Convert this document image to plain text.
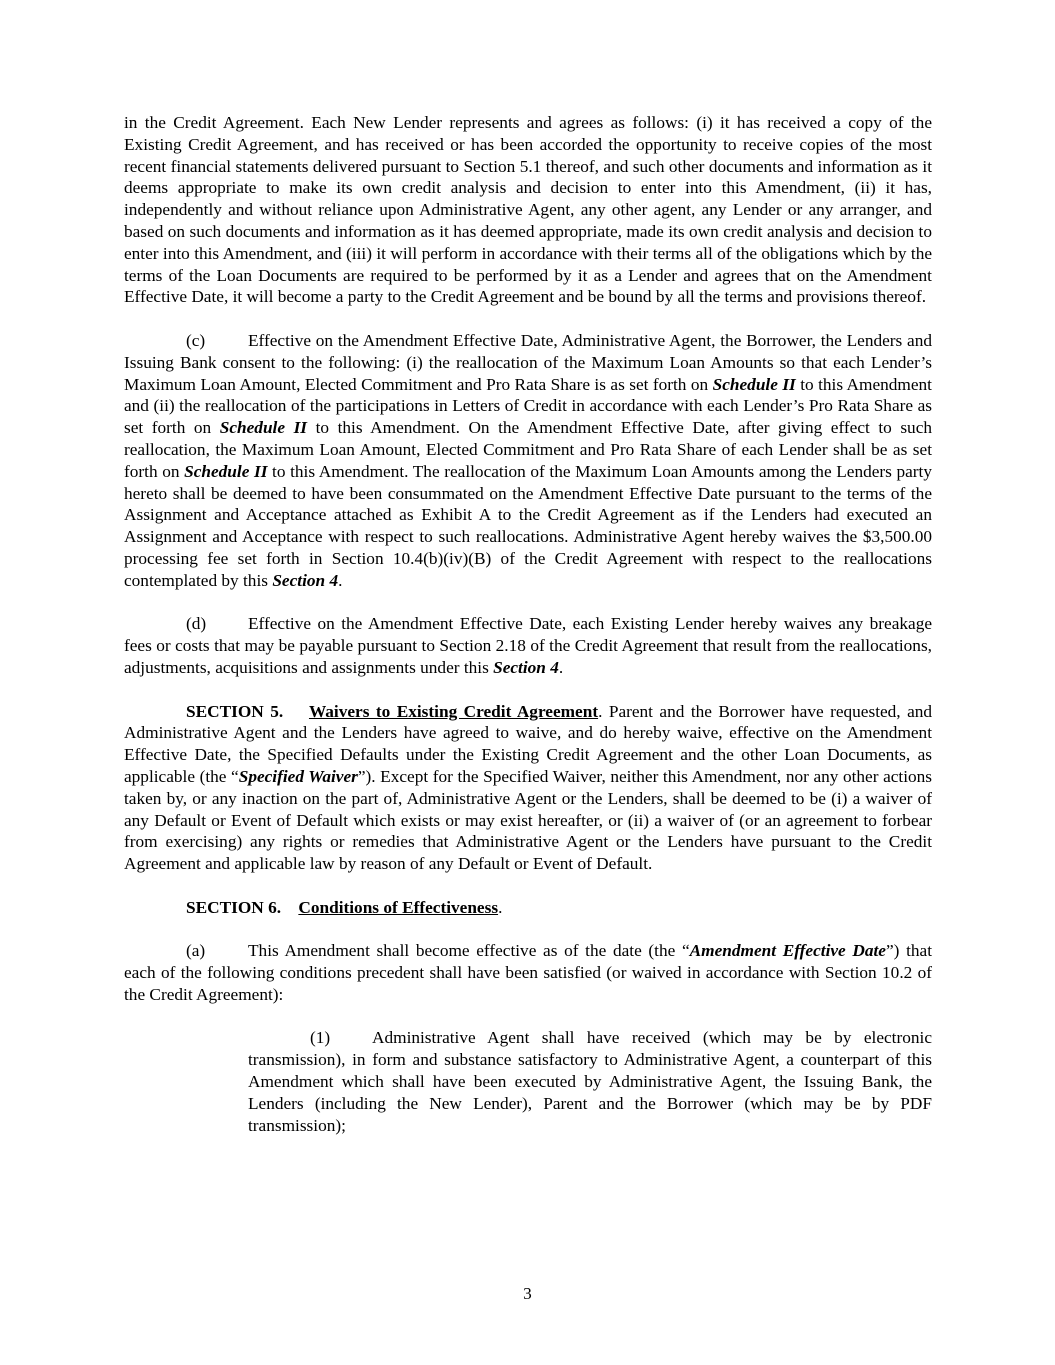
in the Credit Agreement. Each New Lender represents and agrees as follows: (i) it has received a copy of the Existing Credit Agreement, and has received or has been accorded the opportunity to receive copies of the most recent financial statements delivered pursuant to Section 5.1 thereof, and such other documents and information as it deems appropriate to make its own credit analysis and decision to enter into this Amendment, (ii) it has, independently and without reliance upon Administrative Agent, any other agent, any Lender or any arranger, and based on such documents and information as it has deemed appropriate, made its own credit analysis and decision to enter into this Amendment, and (iii) it will perform in accordance with their terms all of the obligations which by the terms of the Loan Documents are required to be performed by it as a Lender and agrees that on the Amendment Effective Date, it will become a party to the Credit Agreement and be bound by all the terms and provisions thereof.

(c) Effective on the Amendment Effective Date, Administrative Agent, the Borrower, the Lenders and Issuing Bank consent to the following: (i) the reallocation of the Maximum Loan Amounts so that each Lender’s Maximum Loan Amount, Elected Commitment and Pro Rata Share is as set forth on Schedule II to this Amendment and (ii) the reallocation of the participations in Letters of Credit in accordance with each Lender’s Pro Rata Share as set forth on Schedule II to this Amendment. On the Amendment Effective Date, after giving effect to such reallocation, the Maximum Loan Amount, Elected Commitment and Pro Rata Share of each Lender shall be as set forth on Schedule II to this Amendment. The reallocation of the Maximum Loan Amounts among the Lenders party hereto shall be deemed to have been consummated on the Amendment Effective Date pursuant to the terms of the Assignment and Acceptance attached as Exhibit A to the Credit Agreement as if the Lenders had executed an Assignment and Acceptance with respect to such reallocations. Administrative Agent hereby waives the $3,500.00 processing fee set forth in Section 10.4(b)(iv)(B) of the Credit Agreement with respect to the reallocations contemplated by this Section 4.

(d) Effective on the Amendment Effective Date, each Existing Lender hereby waives any breakage fees or costs that may be payable pursuant to Section 2.18 of the Credit Agreement that result from the reallocations, adjustments, acquisitions and assignments under this Section 4.

SECTION 5. Waivers to Existing Credit Agreement. Parent and the Borrower have requested, and Administrative Agent and the Lenders have agreed to waive, and do hereby waive, effective on the Amendment Effective Date, the Specified Defaults under the Existing Credit Agreement and the other Loan Documents, as applicable (the “Specified Waiver”). Except for the Specified Waiver, neither this Amendment, nor any other actions taken by, or any inaction on the part of, Administrative Agent or the Lenders, shall be deemed to be (i) a waiver of any Default or Event of Default which exists or may exist hereafter, or (ii) a waiver of (or an agreement to forbear from exercising) any rights or remedies that Administrative Agent or the Lenders have pursuant to the Credit Agreement and applicable law by reason of any Default or Event of Default.

SECTION 6. Conditions of Effectiveness.

(a) This Amendment shall become effective as of the date (the “Amendment Effective Date”) that each of the following conditions precedent shall have been satisfied (or waived in accordance with Section 10.2 of the Credit Agreement):

(1) Administrative Agent shall have received (which may be by electronic transmission), in form and substance satisfactory to Administrative Agent, a counterpart of this Amendment which shall have been executed by Administrative Agent, the Issuing Bank, the Lenders (including the New Lender), Parent and the Borrower (which may be by PDF transmission);

3
